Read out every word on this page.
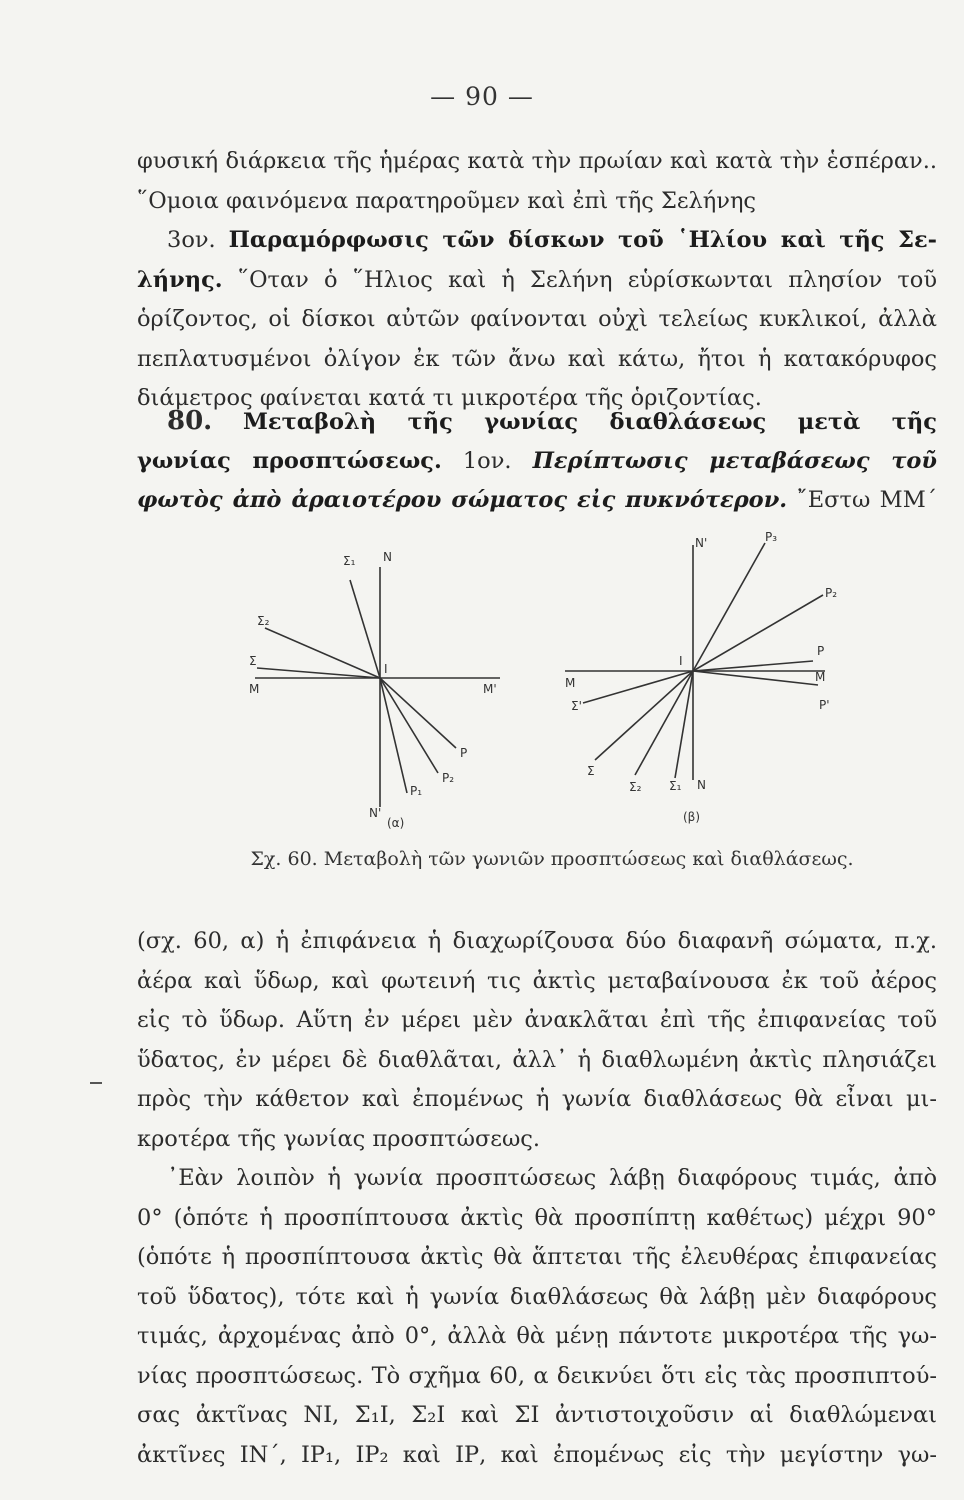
— 90 —
φυσική διάρκεια τῆς ἡμέρας κατὰ τὴν πρωίαν καὶ κατὰ τὴν ἑσπέραν..
῞Ομοια φαινόμενα παρατηροῦμεν καὶ ἐπὶ τῆς Σελήνης
3ον. Παραμόρφωσις τῶν δίσκων τοῦ ῾Ηλίου καὶ τῆς Σε-
λήνης. ῞Οταν ὁ ῞Ηλιος καὶ ἡ Σελήνη εὑρίσκωνται πλησίον τοῦ
ὁρίζοντος, οἱ δίσκοι αὐτῶν φαίνονται οὐχὶ τελείως κυκλικοί, ἀλλὰ
πεπλατυσμένοι ὀλίγον ἐκ τῶν ἄνω καὶ κάτω, ἤτοι ἡ κατακόρυφος
διάμετρος φαίνεται κατά τι μικροτέρα τῆς ὁριζοντίας.
80. Μεταβολὴ τῆς γωνίας διαθλάσεως μετὰ τῆς
γωνίας προσπτώσεως. 1ον. Περίπτωσις μεταβάσεως τοῦ
φωτὸς ἀπὸ ἀραιοτέρου σώματος εἰς πυκνότερον. ῎Εστω ΜΜ΄
Σ₁ N
Σ₂
Σ
M	M'
I
P
P₂
P₁
N'
(α)
N'	P₃
P₂
P
M
P'
M
I
Σ'
Σ
Σ₂ Σ₁ N
(β)
Σχ. 60. Μεταβολὴ τῶν γωνιῶν προσπτώσεως καὶ διαθλάσεως.
(σχ. 60, α) ἡ ἐπιφάνεια ἡ διαχωρίζουσα δύο διαφανῆ σώματα, π.χ.
ἀέρα καὶ ὕδωρ, καὶ φωτεινή τις ἀκτὶς μεταβαίνουσα ἐκ τοῦ ἀέρος
εἰς τὸ ὕδωρ. Αὕτη ἐν μέρει μὲν ἀνακλᾶται ἐπὶ τῆς ἐπιφανείας τοῦ
ὕδατος, ἐν μέρει δὲ διαθλᾶται, ἀλλ᾽ ἡ διαθλωμένη ἀκτὶς πλησιάζει
πρὸς τὴν κάθετον καὶ ἐπομένως ἡ γωνία διαθλάσεως θὰ εἶναι μι-
κροτέρα τῆς γωνίας προσπτώσεως.
᾽Εὰν λοιπὸν ἡ γωνία προσπτώσεως λάβῃ διαφόρους τιμάς, ἀπὸ
0° (ὁπότε ἡ προσπίπτουσα ἀκτὶς θὰ προσπίπτῃ καθέτως) μέχρι 90°
(ὁπότε ἡ προσπίπτουσα ἀκτὶς θὰ ἅπτεται τῆς ἐλευθέρας ἐπιφανείας
τοῦ ὕδατος), τότε καὶ ἡ γωνία διαθλάσεως θὰ λάβῃ μὲν διαφόρους
τιμάς, ἀρχομένας ἀπὸ 0°, ἀλλὰ θὰ μένῃ πάντοτε μικροτέρα τῆς γω-
νίας προσπτώσεως. Τὸ σχῆμα 60, α δεικνύει ὅτι εἰς τὰς προσπιπτού-
σας ἀκτῖνας ΝΙ, Σ₁Ι, Σ₂Ι καὶ ΣΙ ἀντιστοιχοῦσιν αἱ διαθλώμεναι
ἀκτῖνες ΙΝ΄, ΙΡ₁, ΙΡ₂ καὶ ΙΡ, καὶ ἐπομένως εἰς τὴν μεγίστην γω-
